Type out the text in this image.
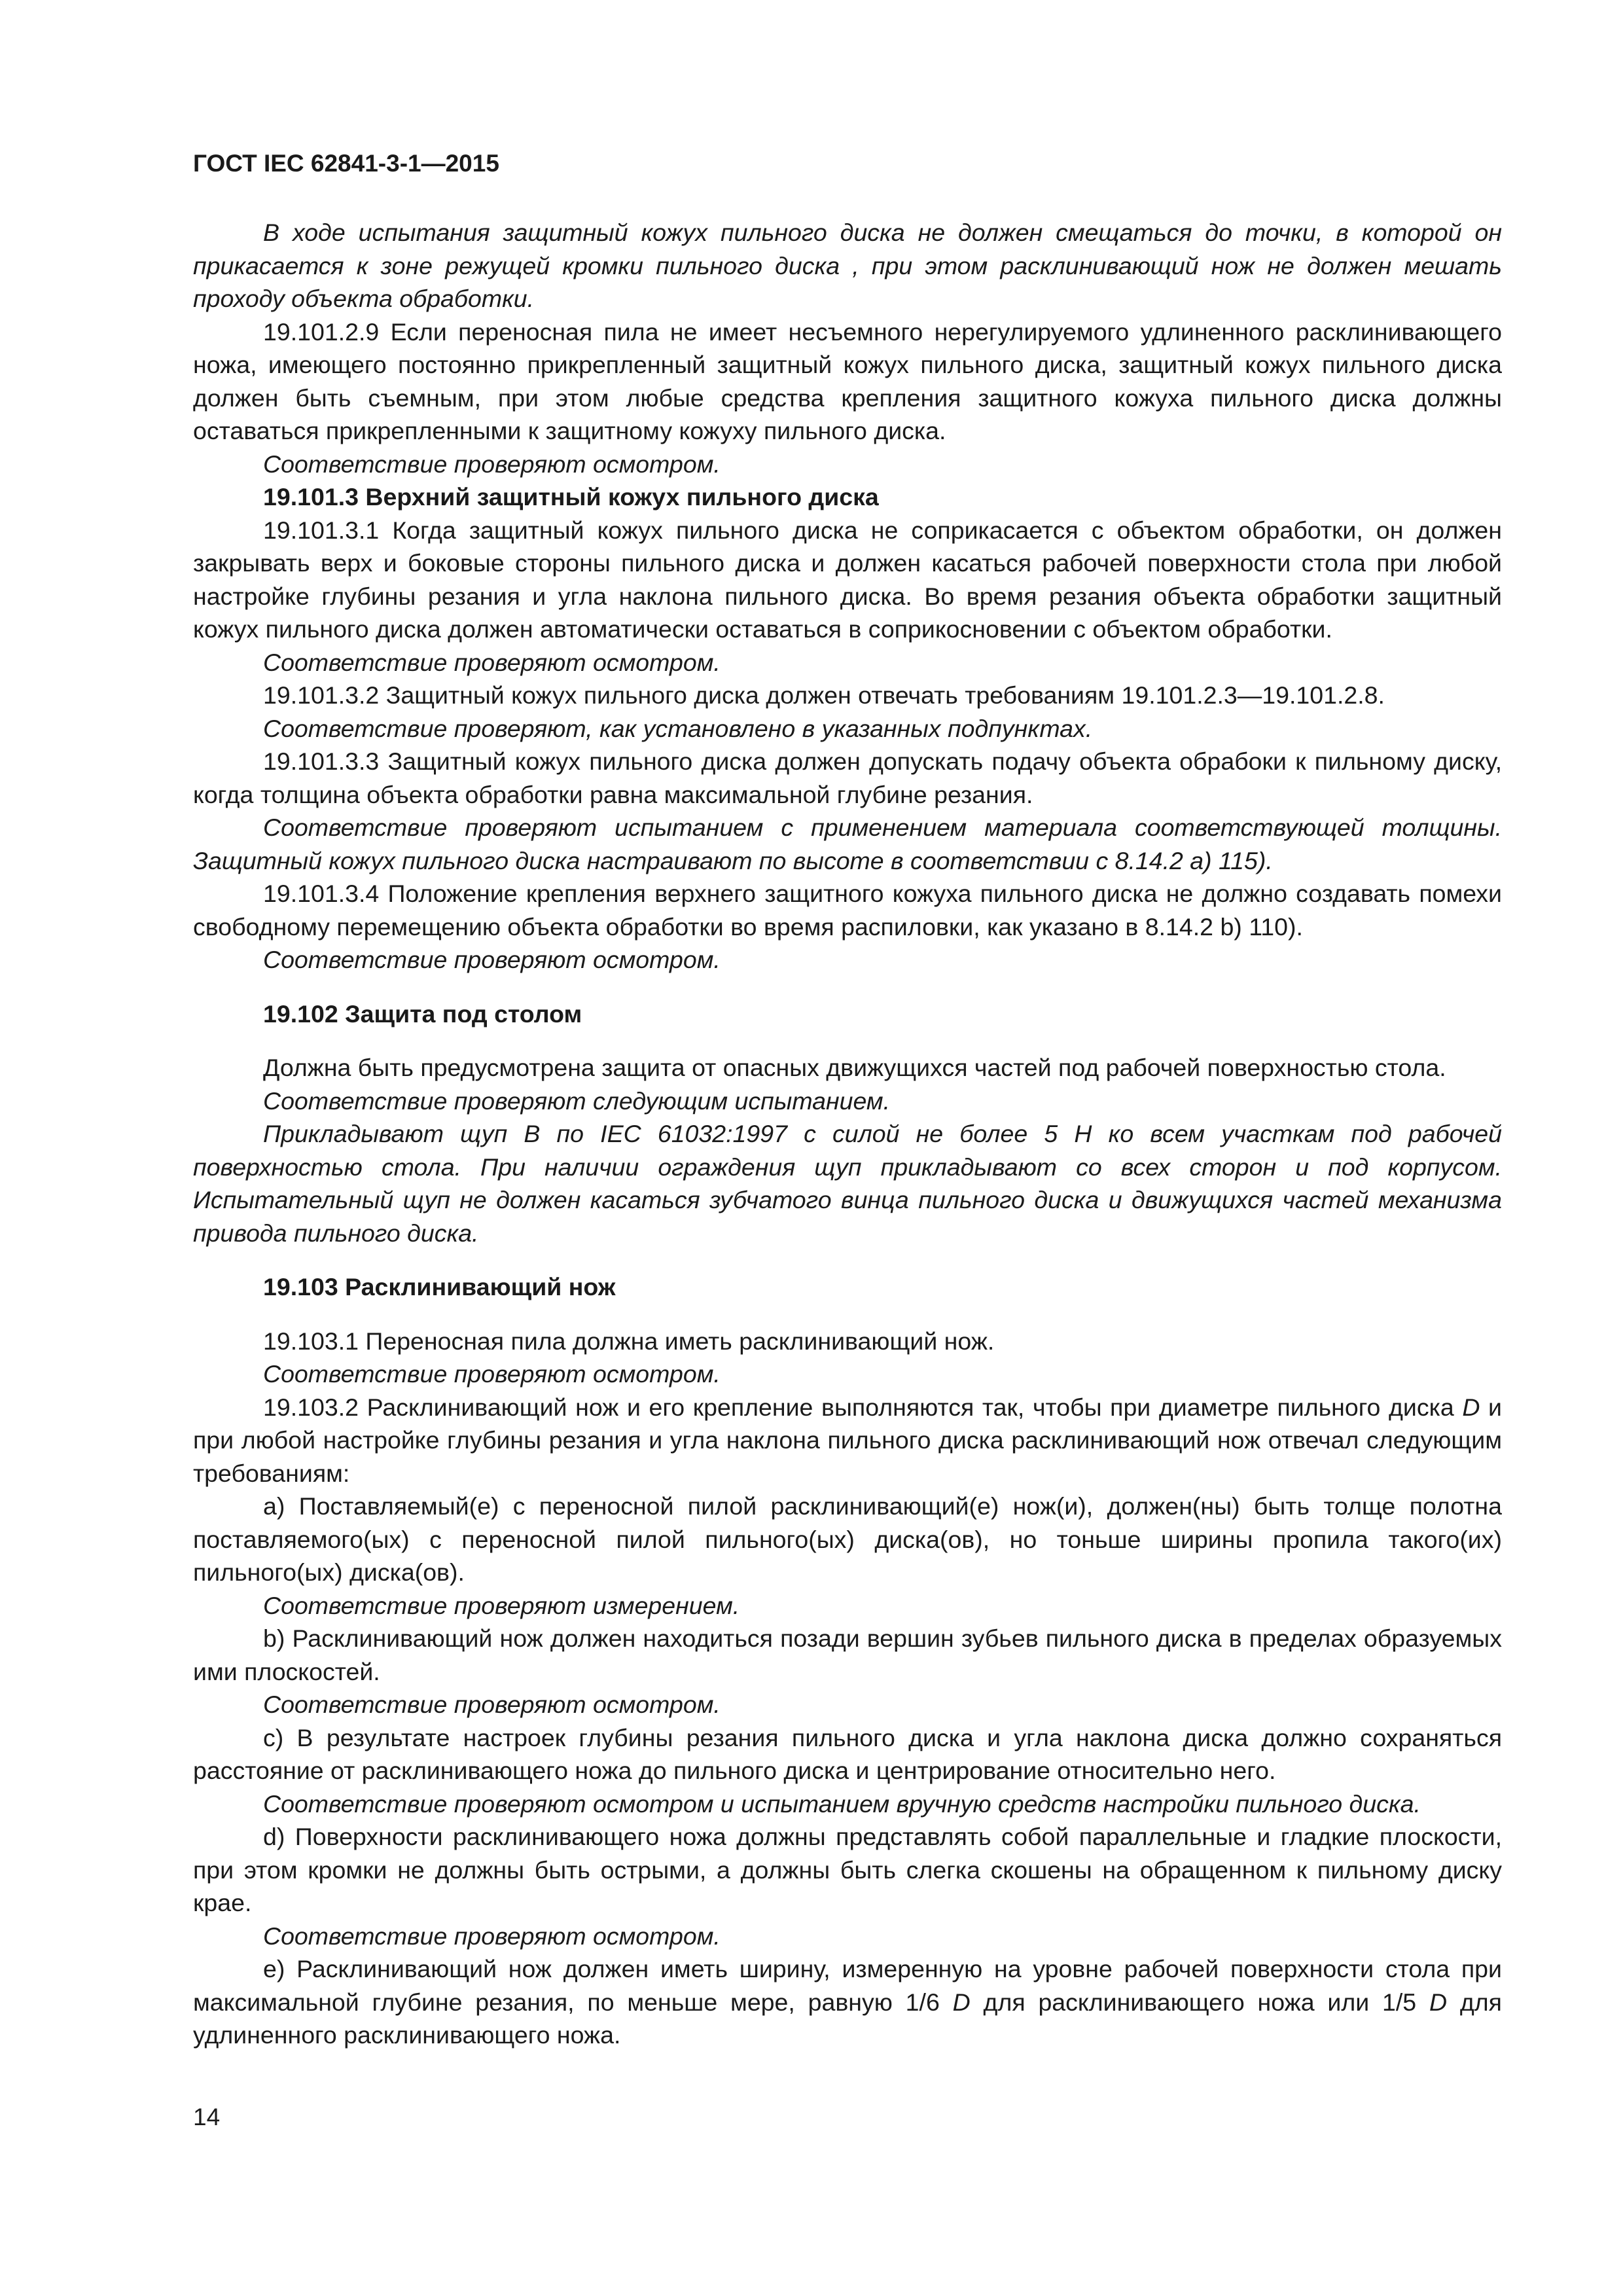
ГОСТ IEC 62841-3-1—2015

В ходе испытания защитный кожух пильного диска не должен смещаться до точки, в которой он прикасается к зоне режущей кромки пильного диска , при этом расклинивающий нож не должен мешать проходу объекта обработки.

19.101.2.9 Если переносная пила не имеет несъемного нерегулируемого удлиненного расклинивающего ножа, имеющего постоянно прикрепленный защитный кожух пильного диска, защитный кожух пильного диска должен быть съемным, при этом любые средства крепления защитного кожуха пильного диска должны оставаться прикрепленными к защитному кожуху пильного диска.

Соответствие проверяют осмотром.

19.101.3 Верхний защитный кожух пильного диска

19.101.3.1 Когда защитный кожух пильного диска не соприкасается с объектом обработки, он должен закрывать верх и боковые стороны пильного диска и должен касаться рабочей поверхности стола при любой настройке глубины резания и угла наклона пильного диска. Во время резания объекта обработки защитный кожух пильного диска должен автоматически оставаться в соприкосновении с объектом обработки.

Соответствие проверяют осмотром.

19.101.3.2 Защитный кожух пильного диска должен отвечать требованиям 19.101.2.3—19.101.2.8.

Соответствие проверяют, как установлено в указанных подпунктах.

19.101.3.3 Защитный кожух пильного диска должен допускать подачу объекта обрабоки к пильному диску, когда толщина объекта обработки равна максимальной глубине резания.

Соответствие проверяют испытанием с применением материала соответствующей толщины. Защитный кожух пильного диска настраивают по высоте в соответствии с 8.14.2 а) 115).

19.101.3.4 Положение крепления верхнего защитного кожуха пильного диска не должно создавать помехи свободному перемещению объекта обработки во время распиловки, как указано в 8.14.2 b) 110).

Соответствие проверяют осмотром.

19.102 Защита под столом

Должна быть предусмотрена защита от опасных движущихся частей под рабочей поверхностью стола.

Соответствие проверяют следующим испытанием.

Прикладывают щуп В по IEC 61032:1997 с силой не более 5 Н ко всем участкам под рабочей поверхностью стола. При наличии ограждения щуп прикладывают со всех сторон и под корпусом. Испытательный щуп не должен касаться зубчатого винца пильного диска и движущихся частей механизма привода пильного диска.

19.103 Расклинивающий нож

19.103.1 Переносная пила должна иметь расклинивающий нож.

Соответствие проверяют осмотром.

19.103.2 Расклинивающий нож и его крепление выполняются так, чтобы при диаметре пильного диска D и при любой настройке глубины резания и угла наклона пильного диска расклинивающий нож отвечал следующим требованиям:

а) Поставляемый(е) с переносной пилой расклинивающий(е) нож(и), должен(ны) быть толще полотна поставляемого(ых) с переносной пилой пильного(ых) диска(ов), но тоньше ширины пропила такого(их) пильного(ых) диска(ов).

Соответствие проверяют измерением.

b) Расклинивающий нож должен находиться позади вершин зубьев пильного диска в пределах образуемых ими плоскостей.

Соответствие проверяют осмотром.

с) В результате настроек глубины резания пильного диска и угла наклона диска должно сохраняться расстояние от расклинивающего ножа до пильного диска и центрирование относительно него.

Соответствие проверяют осмотром и испытанием вручную средств настройки пильного диска.

d) Поверхности расклинивающего ножа должны представлять собой параллельные и гладкие плоскости, при этом кромки не должны быть острыми, а должны быть слегка скошены на обращенном к пильному диску крае.

Соответствие проверяют осмотром.

е) Расклинивающий нож должен иметь ширину, измеренную на уровне рабочей поверхности стола при максимальной глубине резания, по меньше мере, равную 1/6 D для расклинивающего ножа или 1/5 D для удлиненного расклинивающего ножа.

14
